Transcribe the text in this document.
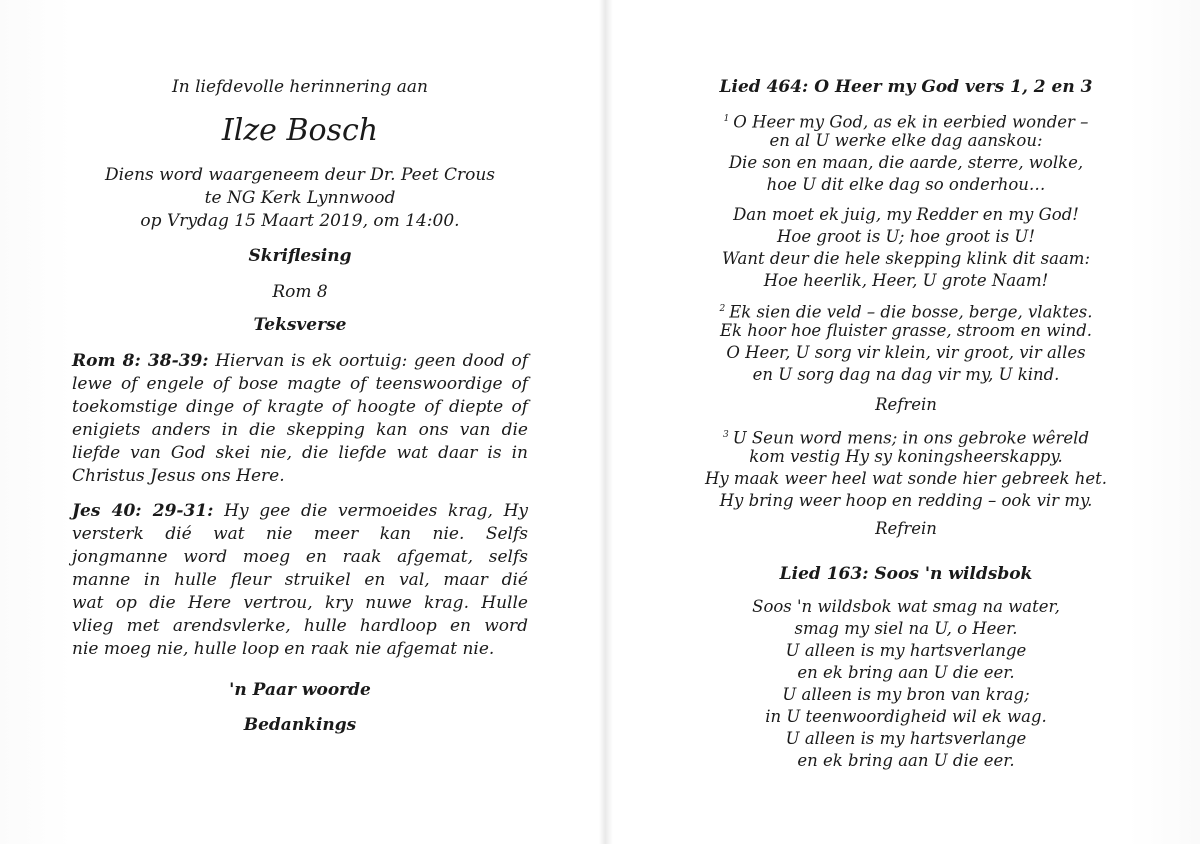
In liefdevolle herinnering aan
Ilze Bosch
Diens word waargeneem deur Dr. Peet Crous
te NG Kerk Lynnwood
op Vrydag 15 Maart 2019, om 14:00.
Skriflesing
Rom 8
Teksverse
Rom 8: 38-39: Hiervan is ek oortuig: geen dood of
lewe of engele of bose magte of teenswoordige of
toekomstige dinge of kragte of hoogte of diepte of
enigiets anders in die skepping kan ons van die
liefde van God skei nie, die liefde wat daar is in
Christus Jesus ons Here.
Jes 40: 29-31: Hy gee die vermoeides krag, Hy
versterk dié wat nie meer kan nie. Selfs
jongmanne word moeg en raak afgemat, selfs
manne in hulle fleur struikel en val, maar dié
wat op die Here vertrou, kry nuwe krag. Hulle
vlieg met arendsvlerke, hulle hardloop en word
nie moeg nie, hulle loop en raak nie afgemat nie.
'n Paar woorde
Bedankings
Lied 464: O Heer my God vers 1, 2 en 3
$^1$ O Heer my God, as ek in eerbied wonder –
en al U werke elke dag aanskou:
Die son en maan, die aarde, sterre, wolke,
hoe U dit elke dag so onderhou…
Dan moet ek juig, my Redder en my God!
Hoe groot is U; hoe groot is U!
Want deur die hele skepping klink dit saam:
Hoe heerlik, Heer, U grote Naam!
$^2$ Ek sien die veld – die bosse, berge, vlaktes.
Ek hoor hoe fluister grasse, stroom en wind.
O Heer, U sorg vir klein, vir groot, vir alles
en U sorg dag na dag vir my, U kind.
Refrein
$^3$ U Seun word mens; in ons gebroke wêreld
kom vestig Hy sy koningsheerskappy.
Hy maak weer heel wat sonde hier gebreek het.
Hy bring weer hoop en redding – ook vir my.
Refrein
Lied 163: Soos 'n wildsbok
Soos 'n wildsbok wat smag na water,
smag my siel na U, o Heer.
U alleen is my hartsverlange
en ek bring aan U die eer.
U alleen is my bron van krag;
in U teenwoordigheid wil ek wag.
U alleen is my hartsverlange
en ek bring aan U die eer.
